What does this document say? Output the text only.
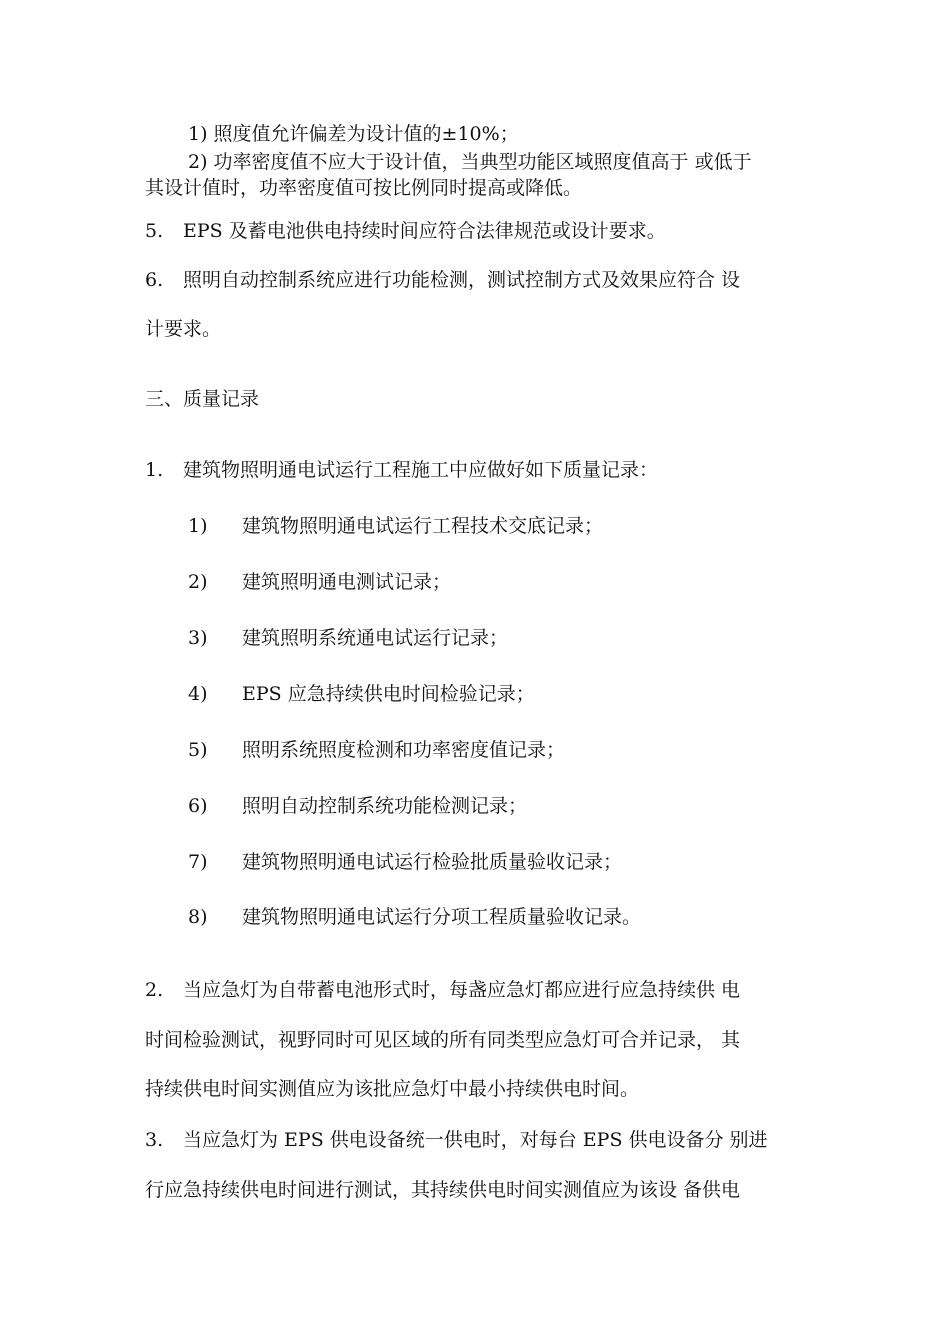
1) 照度值允许偏差为设计值的±10%；
2) 功率密度值不应大于设计值，当典型功能区域照度值高于 或低于
其设计值时，功率密度值可按比例同时提高或降低。
5. EPS 及蓄电池供电持续时间应符合法律规范或设计要求。
6. 照明自动控制系统应进行功能检测，测试控制方式及效果应符合 设
计要求。
三、质量记录
1. 建筑物照明通电试运行工程施工中应做好如下质量记录：
1) 建筑物照明通电试运行工程技术交底记录；
2) 建筑照明通电测试记录；
3) 建筑照明系统通电试运行记录；
4) EPS 应急持续供电时间检验记录；
5) 照明系统照度检测和功率密度值记录；
6) 照明自动控制系统功能检测记录；
7) 建筑物照明通电试运行检验批质量验收记录；
8) 建筑物照明通电试运行分项工程质量验收记录。
2. 当应急灯为自带蓄电池形式时，每盏应急灯都应进行应急持续供 电
时间检验测试，视野同时可见区域的所有同类型应急灯可合并记录， 其
持续供电时间实测值应为该批应急灯中最小持续供电时间。
3. 当应急灯为 EPS 供电设备统一供电时，对每台 EPS 供电设备分 别进
行应急持续供电时间进行测试，其持续供电时间实测值应为该设 备供电
